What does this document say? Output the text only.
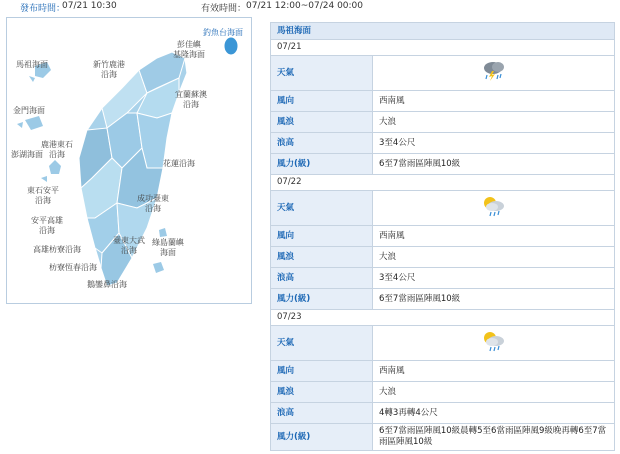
發布時間：
07/21 10:30	有效時間： 07/21 12:00~07/24 00:00
釣魚台海面
彭佳嶼
基隆海面
馬祖海面	新竹鹿港
沿海
宜蘭蘇澳
沿海
金門海面
鹿港東石
沿海
澎湖海面
花蓮沿海
東石安平
沿海	成功臺東
沿海
安平高雄
沿海
臺東大武
沿海
綠島蘭嶼
海面
高雄枋寮沿海
枋寮恆春沿海
鵝鑾鼻沿海
馬祖海面	
07/21	
天氣	
風向	西南風
風浪	大浪
浪高	3至4公尺
風力(級)	6至7當雨區陣風10級
07/22	
天氣	
風向	西南風
風浪	大浪
浪高	3至4公尺
風力(級)	6至7當雨區陣風10級
07/23	
天氣	
風向	西南風
風浪	大浪
浪高	4轉3再轉4公尺
風力(級)	6至7當雨區陣風10級晨轉5至6當雨區陣風9級晚再轉6至7當雨區陣風10級
